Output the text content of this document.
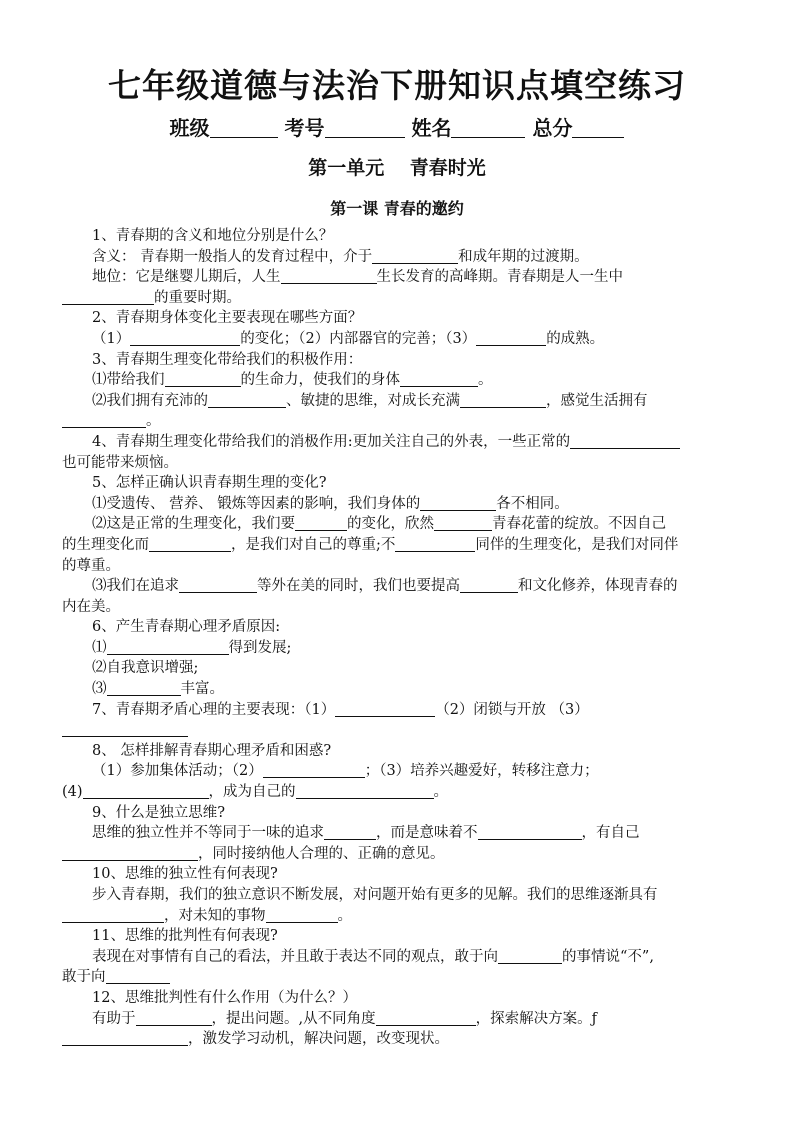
七年级道德与法治下册知识点填空练习
班级	考号	姓名	总分
第一单元　 青春时光
第一课 青春的邀约
1、青春期的含义和地位分别是什么？
含义： 青春期一般指人的发育过程中，介于	和成年期的过渡期。
地位：它是继婴儿期后，人生	生长发育的高峰期。青春期是人一生中
的重要时期。
2、青春期身体变化主要表现在哪些方面？
（1）	的变化；（2）内部器官的完善；（3）	的成熟。
3、青春期生理变化带给我们的积极作用：
⑴带给我们	的生命力，使我们的身体	。
⑵我们拥有充沛的	、敏捷的思维，对成长充满	，感觉生活拥有
。
4、青春期生理变化带给我们的消极作用:更加关注自己的外表，一些正常的
也可能带来烦恼。
5、怎样正确认识青春期生理的变化?
⑴受遗传、 营养、 锻炼等因素的影响，我们身体的	各不相同。
⑵这是正常的生理变化，我们要	的变化，欣然	青春花蕾的绽放。不因自己
的生理变化而	，是我们对自己的尊重;不	同伴的生理变化，是我们对同伴
的尊重。
⑶我们在追求	等外在美的同时，我们也要提高	和文化修养，体现青春的
内在美。
6、产生青春期心理矛盾原因:
⑴	得到发展;
⑵自我意识增强;
⑶	丰富。
7、青春期矛盾心理的主要表现：（1）	（2）闭锁与开放 （3）
8、 怎样排解青春期心理矛盾和困惑?
（1）参加集体活动；（2）	；（3）培养兴趣爱好，转移注意力；
(4)	，成为自己的	。
9、什么是独立思维?
思维的独立性并不等同于一味的追求	，而是意味着不	，有自己
，同时接纳他人合理的、正确的意见。
10、思维的独立性有何表现?
步入青春期，我们的独立意识不断发展，对问题开始有更多的见解。我们的思维逐渐具有
，对未知的事物	。
11、思维的批判性有何表现?
表现在对事情有自己的看法，并且敢于表达不同的观点，敢于向	的事情说“不”,
敢于向
12、思维批判性有什么作用（为什么？）
有助于	，提出问题。,从不同角度	，探索解决方案。ƒ
，激发学习动机，解决问题，改变现状。
